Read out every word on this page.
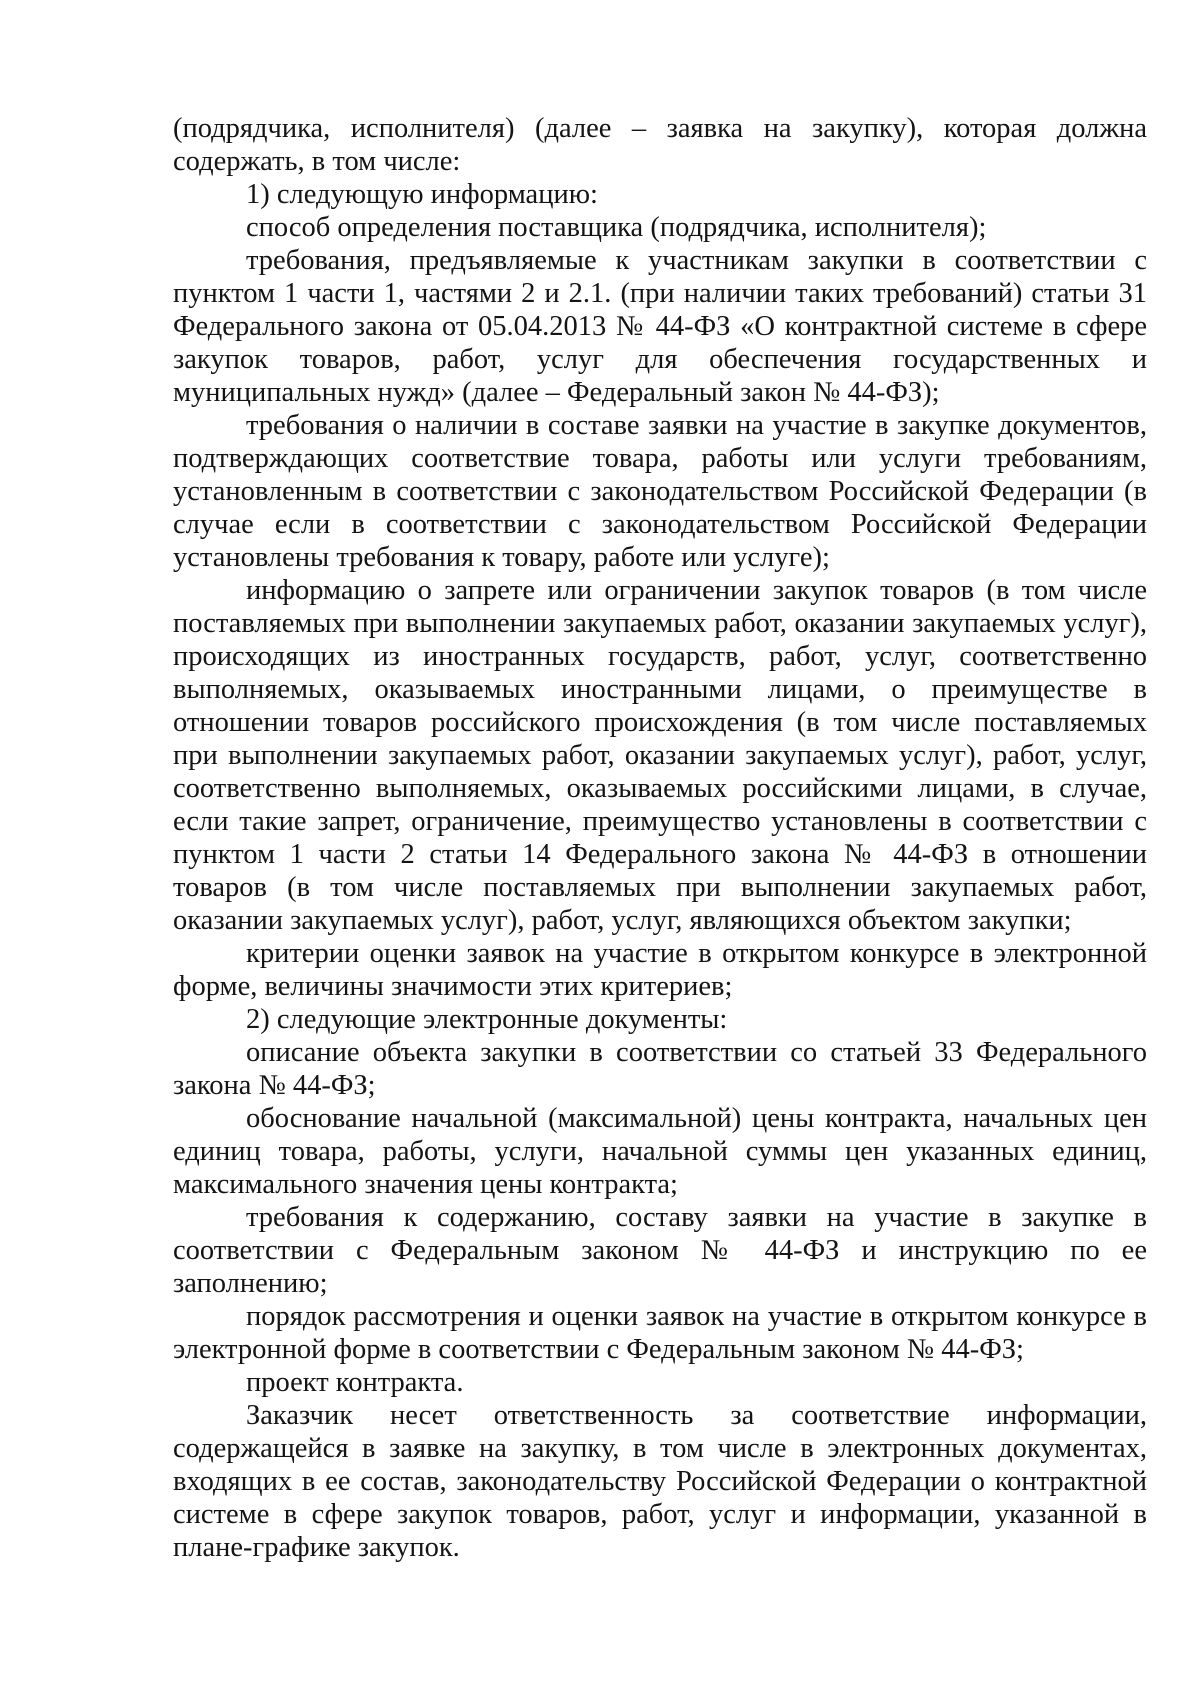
(подрядчика, исполнителя) (далее – заявка на закупку), которая должна содержать, в том числе:

1) следующую информацию:

способ определения поставщика (подрядчика, исполнителя);

требования, предъявляемые к участникам закупки в соответствии с пунктом 1 части 1, частями 2 и 2.1. (при наличии таких требований) статьи 31 Федерального закона от 05.04.2013 № 44-ФЗ «О контрактной системе в сфере закупок товаров, работ, услуг для обеспечения государственных и муниципальных нужд» (далее – Федеральный закон № 44-ФЗ);

требования о наличии в составе заявки на участие в закупке документов, подтверждающих соответствие товара, работы или услуги требованиям, установленным в соответствии с законодательством Российской Федерации (в случае если в соответствии с законодательством Российской Федерации установлены требования к товару, работе или услуге);

информацию о запрете или ограничении закупок товаров (в том числе поставляемых при выполнении закупаемых работ, оказании закупаемых услуг), происходящих из иностранных государств, работ, услуг, соответственно выполняемых, оказываемых иностранными лицами, о преимуществе в отношении товаров российского происхождения (в том числе поставляемых при выполнении закупаемых работ, оказании закупаемых услуг), работ, услуг, соответственно выполняемых, оказываемых российскими лицами, в случае, если такие запрет, ограничение, преимущество установлены в соответствии с пунктом 1 части 2 статьи 14 Федерального закона № 44-ФЗ в отношении товаров (в том числе поставляемых при выполнении закупаемых работ, оказании закупаемых услуг), работ, услуг, являющихся объектом закупки;

критерии оценки заявок на участие в открытом конкурсе в электронной форме, величины значимости этих критериев;

2) следующие электронные документы:

описание объекта закупки в соответствии со статьей 33 Федерального закона № 44-ФЗ;

обоснование начальной (максимальной) цены контракта, начальных цен единиц товара, работы, услуги, начальной суммы цен указанных единиц, максимального значения цены контракта;

требования к содержанию, составу заявки на участие в закупке в соответствии с Федеральным законом № 44-ФЗ и инструкцию по ее заполнению;

порядок рассмотрения и оценки заявок на участие в открытом конкурсе в электронной форме в соответствии с Федеральным законом № 44-ФЗ;

проект контракта.

Заказчик несет ответственность за соответствие информации, содержащейся в заявке на закупку, в том числе в электронных документах, входящих в ее состав, законодательству Российской Федерации о контрактной системе в сфере закупок товаров, работ, услуг и информации, указанной в плане-графике закупок.
